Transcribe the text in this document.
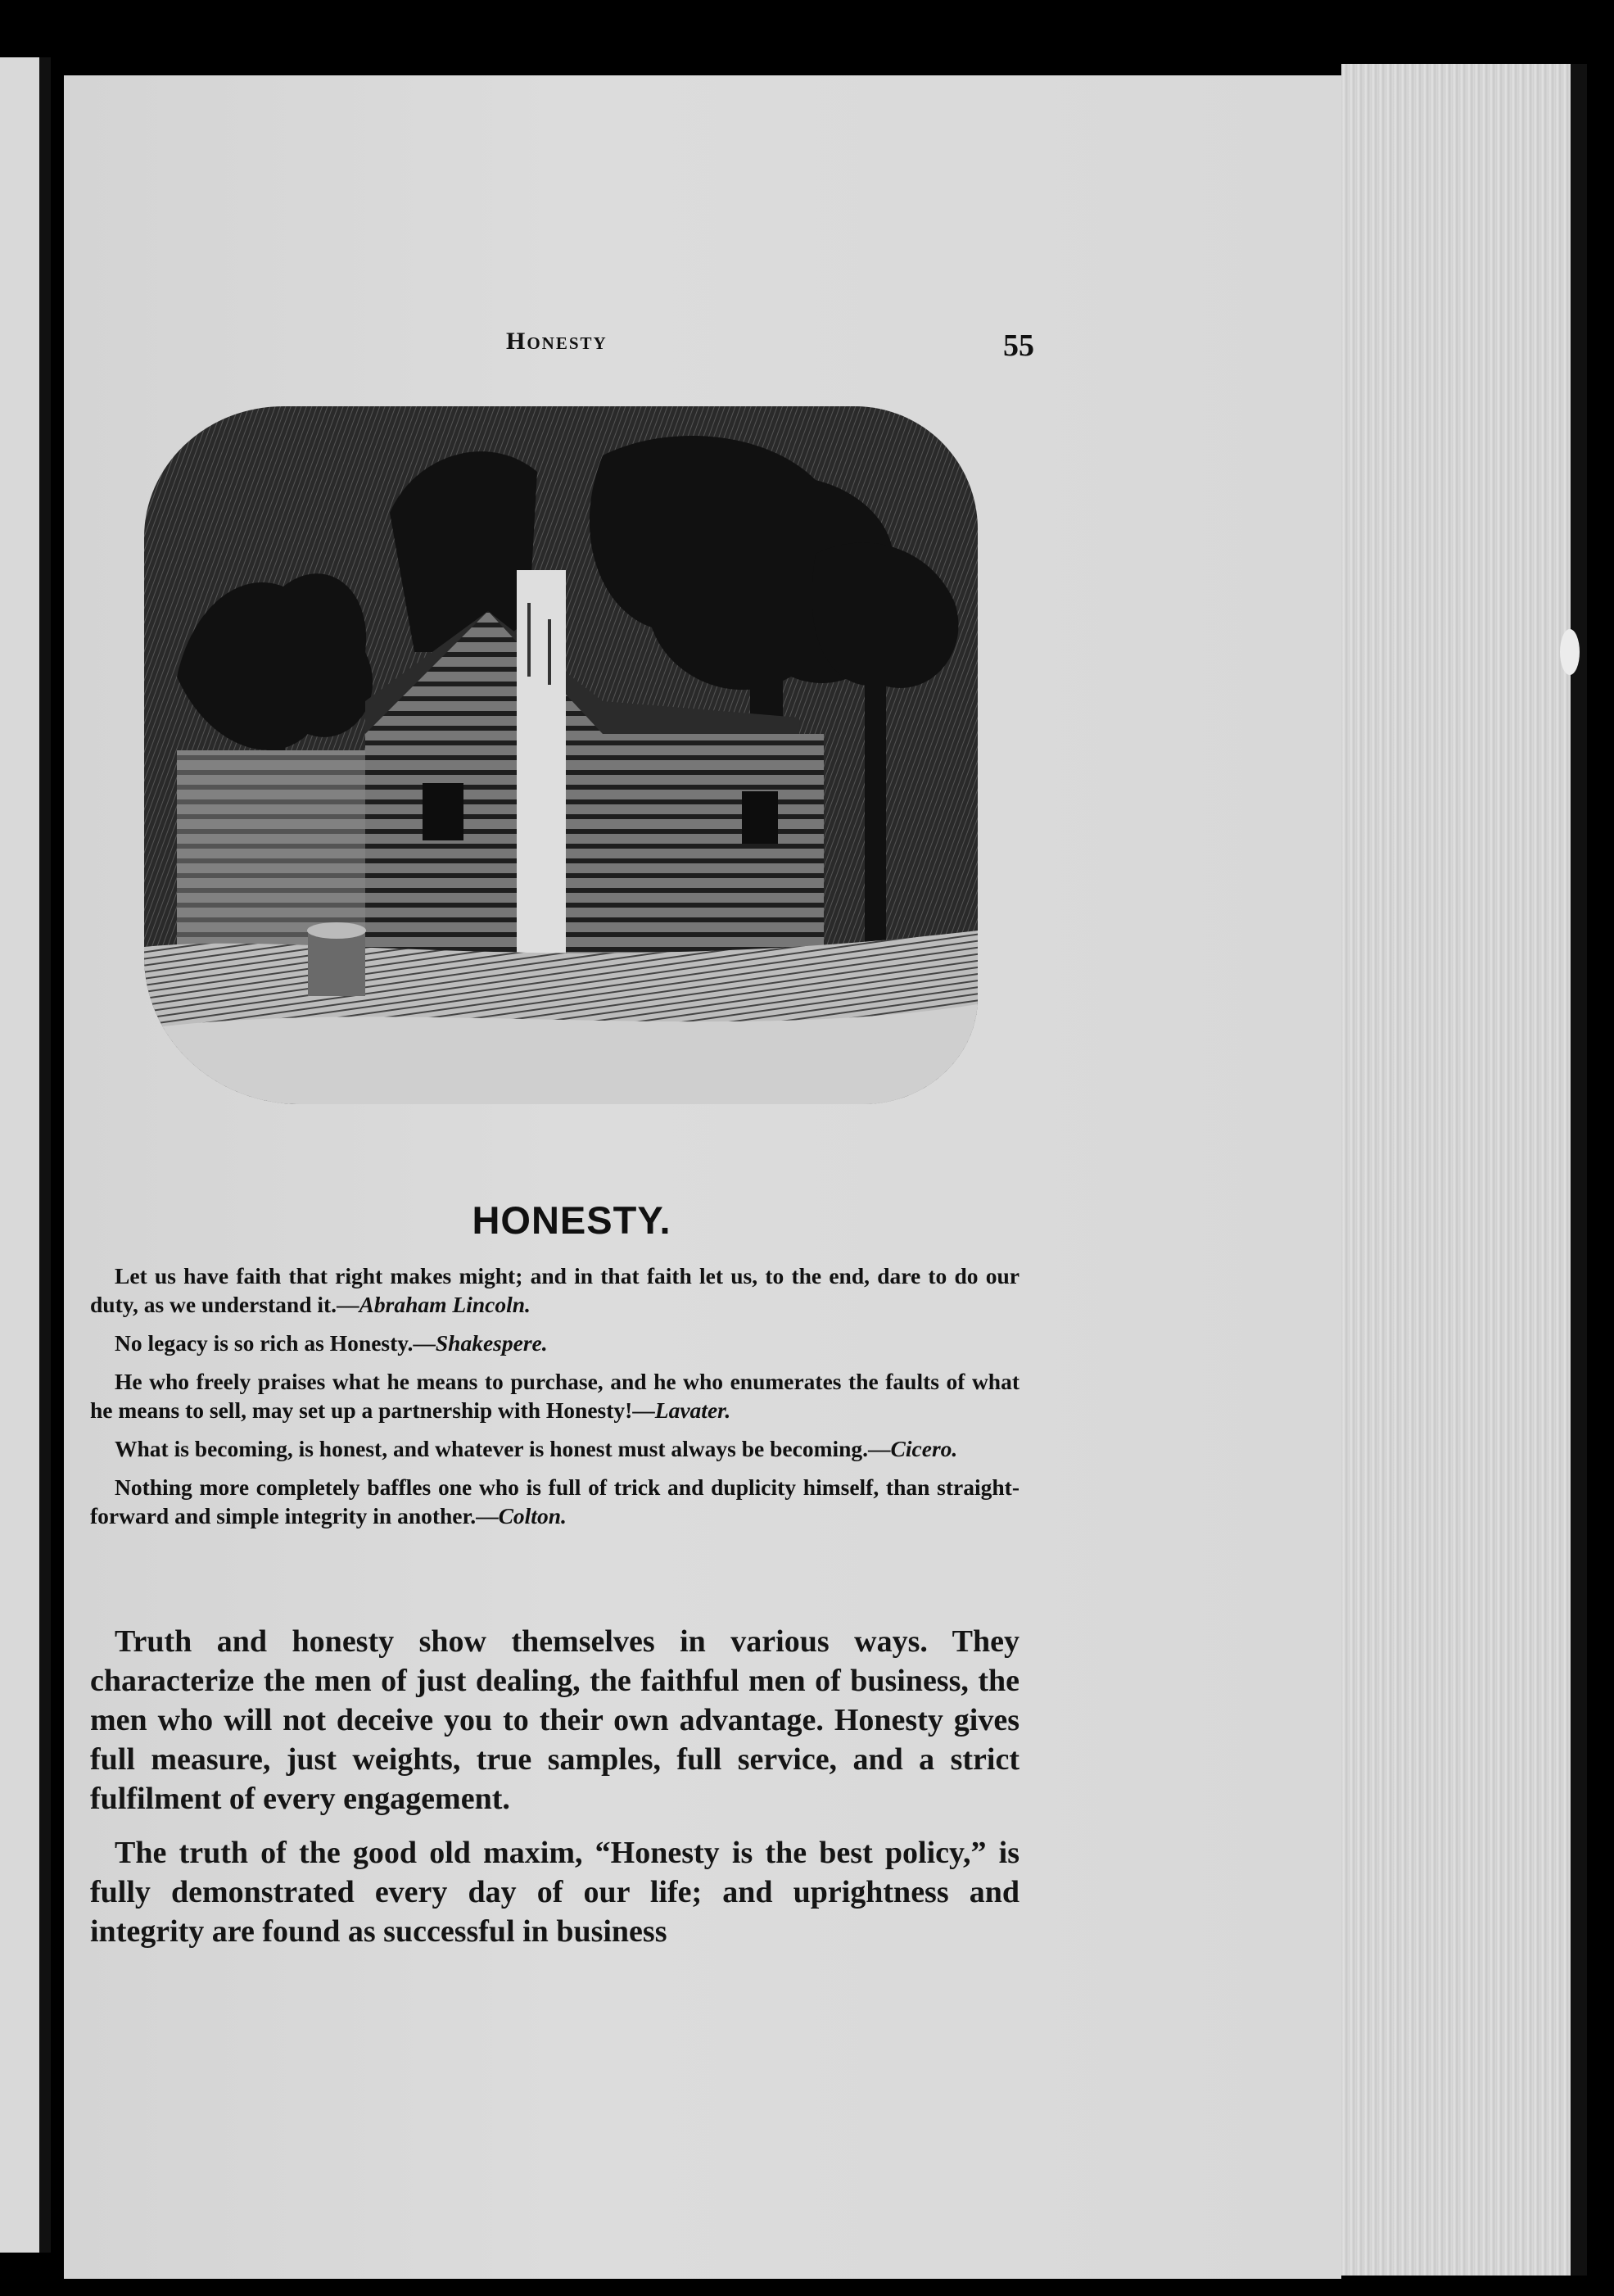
Honesty	55
HONESTY.

Let us have faith that right makes might; and in that faith let us, to the end, dare to do our duty, as we understand it.—Abraham Lincoln.

No legacy is so rich as Honesty.—Shakespere.

He who freely praises what he means to purchase, and he who enumerates the faults of what he means to sell, may set up a partnership with Honesty!—Lavater.

What is becoming, is honest, and whatever is honest must always be becoming.—Cicero.

Nothing more completely baffles one who is full of trick and duplicity himself, than straight-forward and simple integrity in another.—Colton.

Truth and honesty show themselves in various ways. They characterize the men of just dealing, the faithful men of business, the men who will not deceive you to their own advantage. Honesty gives full measure, just weights, true samples, full service, and a strict fulfilment of every engagement.

The truth of the good old maxim, “Honesty is the best policy,” is fully demonstrated every day of our life; and uprightness and integrity are found as successful in business
